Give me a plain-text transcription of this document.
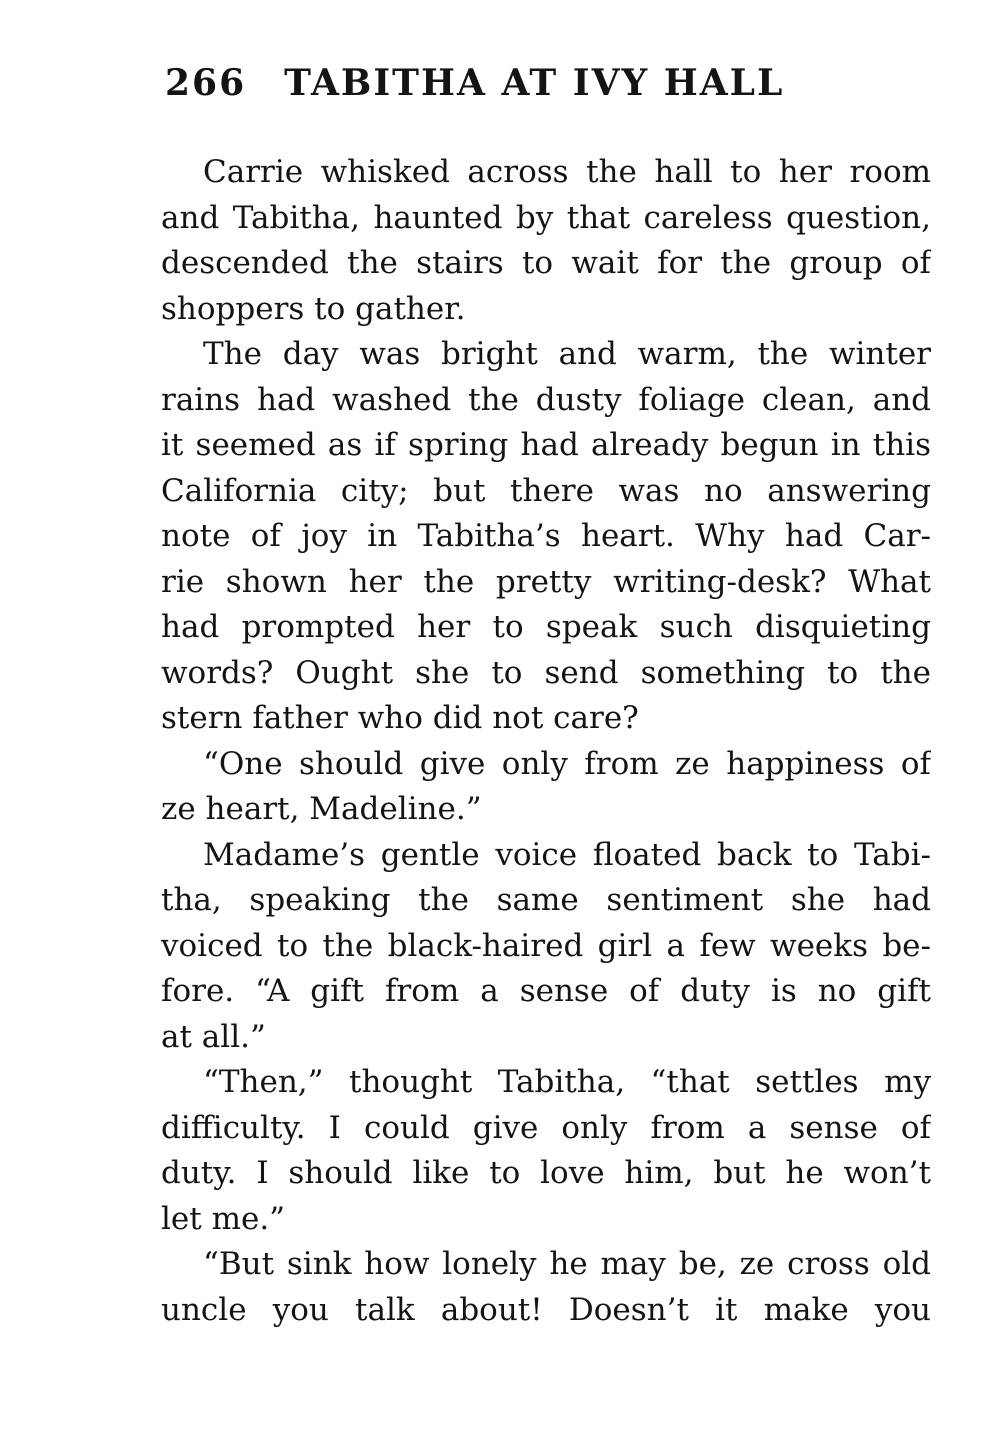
266 TABITHA AT IVY HALL
Carrie whisked across the hall to her room
and Tabitha, haunted by that careless question,
descended the stairs to wait for the group of
shoppers to gather.
The day was bright and warm, the winter
rains had washed the dusty foliage clean, and
it seemed as if spring had already begun in this
California city; but there was no answering
note of joy in Tabitha’s heart. Why had Car-
rie shown her the pretty writing-desk? What
had prompted her to speak such disquieting
words? Ought she to send something to the
stern father who did not care?
“One should give only from ze happiness of
ze heart, Madeline.”
Madame’s gentle voice floated back to Tabi-
tha, speaking the same sentiment she had
voiced to the black-haired girl a few weeks be-
fore. “A gift from a sense of duty is no gift
at all.”
“Then,” thought Tabitha, “that settles my
difficulty. I could give only from a sense of
duty. I should like to love him, but he won’t
let me.”
“But sink how lonely he may be, ze cross old
uncle you talk about! Doesn’t it make you
